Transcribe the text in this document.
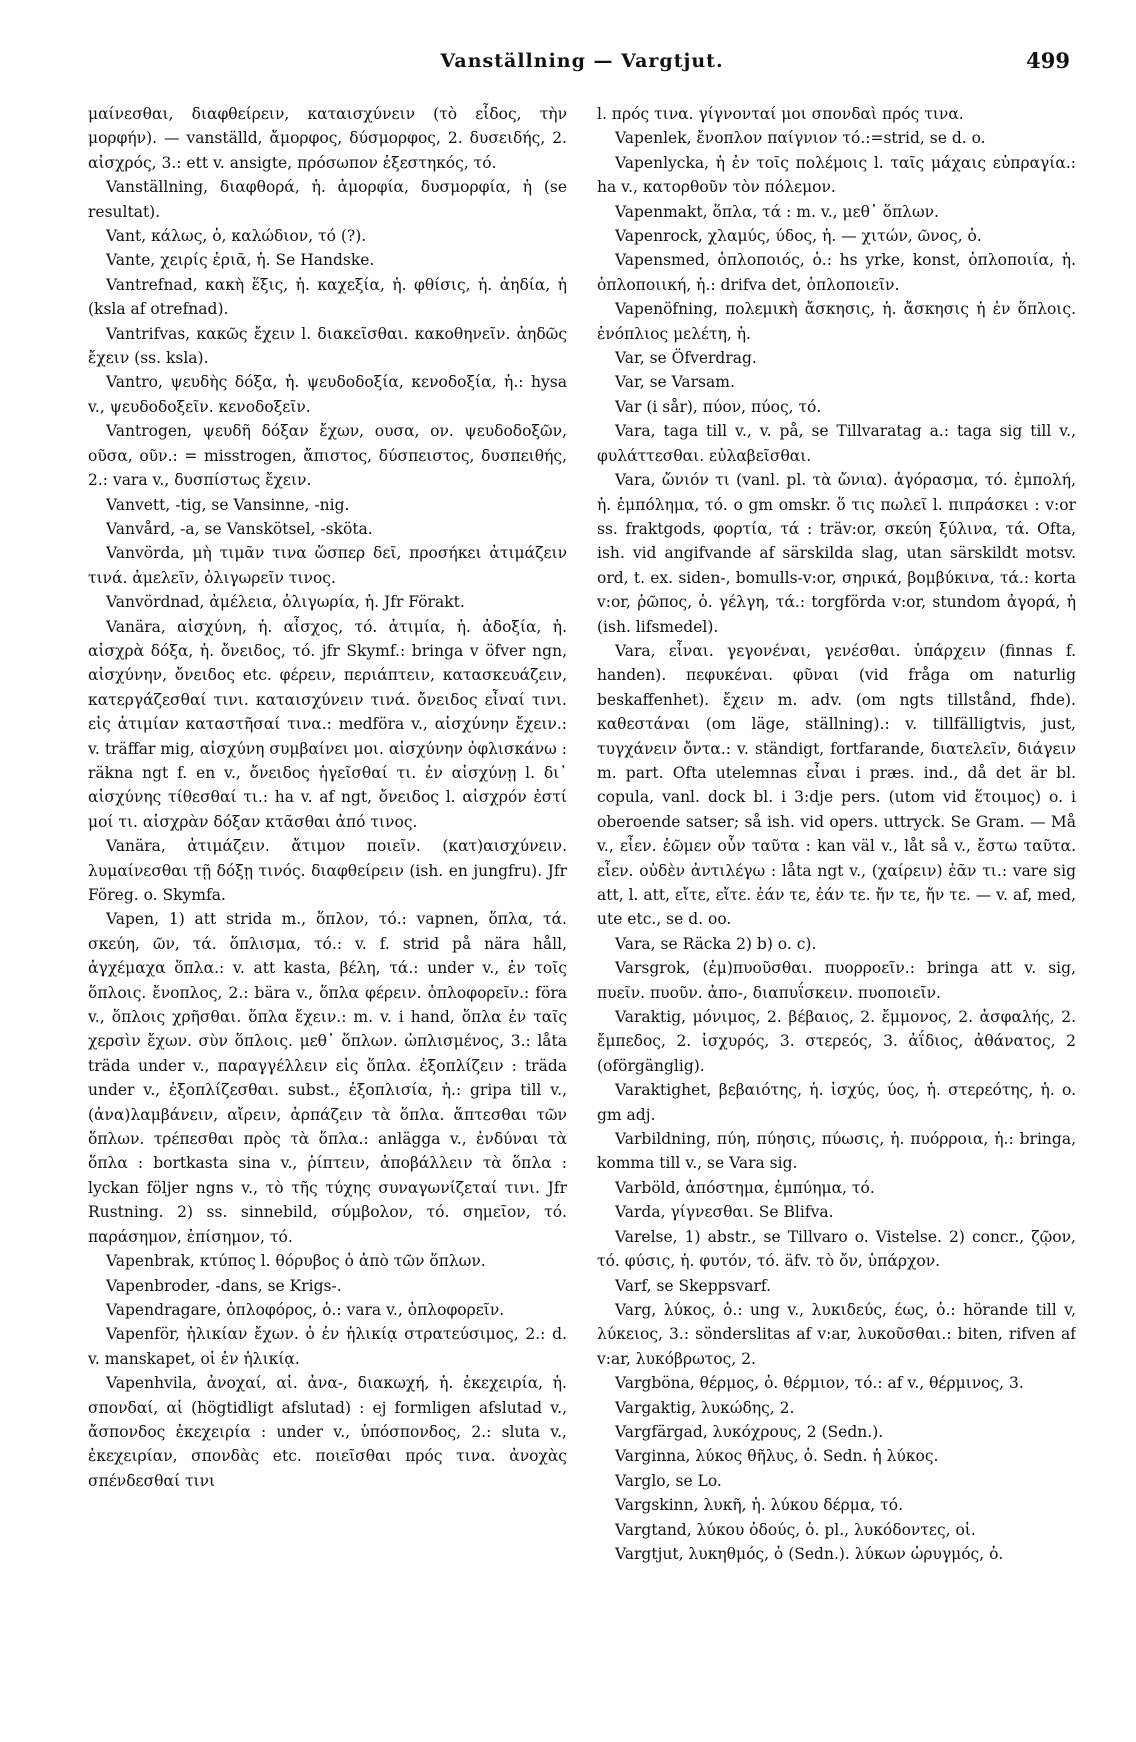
Vanställning — Vargtjut.	499

μαίνεσθαι, διαφθείρειν, καταισχύνειν (τὸ εἶδος, τὴν μορφήν). — vanställd, ἄμορφος, δύσμορφος, 2. δυσειδής, 2. αἰσχρός, 3.: ett v. ansigte, πρόσωπον ἐξεστηκός, τό.

Vanställning, διαφθορά, ἡ. ἀμορφία, δυσμορφία, ἡ (se resultat).

Vant, κάλως, ὁ, καλώδιον, τό (?).

Vante, χειρίς ἐριᾶ, ἡ. Se Handske.

Vantrefnad, κακὴ ἕξις, ἡ. καχεξία, ἡ. φθίσις, ἡ. ἀηδία, ἡ (ksla af otrefnad).

Vantrifvas, κακῶς ἔχειν l. διακεῖσθαι. κακοθηνεῖν. ἀηδῶς ἔχειν (ss. ksla).

Vantro, ψευδὴς δόξα, ἡ. ψευδοδοξία, κενοδοξία, ἡ.: hysa v., ψευδοδοξεῖν. κενοδοξεῖν.

Vantrogen, ψευδῆ δόξαν ἔχων, ουσα, ον. ψευδοδοξῶν, οῦσα, οῦν.: = misstrogen, ἄπιστος, δύσπειστος, δυσπειθής, 2.: vara v., δυσπίστως ἔχειν.

Vanvett, -tig, se Vansinne, -nig.

Vanvård, -a, se Vanskötsel, -sköta.

Vanvörda, μὴ τιμᾶν τινα ὥσπερ δεῖ, προσήκει ἀτιμάζειν τινά. ἀμελεῖν, ὀλιγωρεῖν τινος.

Vanvördnad, ἀμέλεια, ὀλιγωρία, ἡ. Jfr Förakt.

Vanära, αἰσχύνη, ἡ. αἶσχος, τό. ἀτιμία, ἡ. ἀδοξία, ἡ. αἰσχρὰ δόξα, ἡ. ὄνειδος, τό. jfr Skymf.: bringa v öfver ngn, αἰσχύνην, ὄνειδος etc. φέρειν, περιάπτειν, κατασκευάζειν, κατεργάζεσθαί τινι. καταισχύνειν τινά. ὄνειδος εἶναί τινι. εἰς ἀτιμίαν καταστῆσαί τινα.: medföra v., αἰσχύνην ἔχειν.: v. träffar mig, αἰσχύνη συμβαίνει μοι. αἰσχύνην ὀφλισκάνω : räkna ngt f. en v., ὄνειδος ἡγεῖσθαί τι. ἐν αἰσχύνῃ l. δι᾽ αἰσχύνης τίθεσθαί τι.: ha v. af ngt, ὄνειδος l. αἰσχρόν ἐστί μοί τι. αἰσχρὰν δόξαν κτᾶσθαι ἀπό τινος.

Vanära, ἀτιμάζειν. ἄτιμον ποιεῖν. (κατ)αισχύνειν. λυμαίνεσθαι τῇ δόξῃ τινός. διαφθείρειν (ish. en jungfru). Jfr Föreg. o. Skymfa.

Vapen, 1) att strida m., ὅπλον, τό.: vapnen, ὅπλα, τά. σκεύη, ῶν, τά. ὅπλισμα, τό.: v. f. strid på nära håll, ἀγχέμαχα ὅπλα.: v. att kasta, βέλη, τά.: under v., ἐν τοῖς ὅπλοις. ἔνοπλος, 2.: bära v., ὅπλα φέρειν. ὁπλοφορεῖν.: föra v., ὅπλοις χρῆσθαι. ὅπλα ἔχειν.: m. v. i hand, ὅπλα ἐν ταῖς χερσὶν ἔχων. σὺν ὅπλοις. μεθ᾽ ὅπλων. ὡπλισμένος, 3.: låta träda under v., παραγγέλλειν εἰς ὅπλα. ἐξοπλίζειν : träda under v., ἐξοπλίζεσθαι. subst., ἐξοπλισία, ἡ.: gripa till v., (ἀνα)λαμβάνειν, αἴρειν, ἁρπάζειν τὰ ὅπλα. ἅπτεσθαι τῶν ὅπλων. τρέπεσθαι πρὸς τὰ ὅπλα.: anlägga v., ἐνδύναι τὰ ὅπλα : bortkasta sina v., ῥίπτειν, ἀποβάλλειν τὰ ὅπλα : lyckan följer ngns v., τὸ τῆς τύχης συναγωνίζεταί τινι. Jfr Rustning. 2) ss. sinnebild, σύμβολον, τό. σημεῖον, τό. παράσημον, ἐπίσημον, τό.

Vapenbrak, κτύπος l. θόρυβος ὁ ἀπὸ τῶν ὅπλων.

Vapenbroder, -dans, se Krigs-.

Vapendragare, ὁπλοφόρος, ὁ.: vara v., ὁπλοφορεῖν.

Vapenför, ἡλικίαν ἔχων. ὁ ἐν ἡλικίᾳ στρατεύσιμος, 2.: d. v. manskapet, οἱ ἐν ἡλικίᾳ.

Vapenhvila, ἀνοχαί, αἱ. ἀνα-, διακωχή, ἡ. ἐκεχειρία, ἡ. σπονδαί, αἱ (högtidligt afslutad) : ej formligen afslutad v., ἄσπονδος ἐκεχειρία : under v., ὑπόσπονδος, 2.: sluta v., ἐκεχειρίαν, σπονδὰς etc. ποιεῖσθαι πρός τινα. ἀνοχὰς σπένδεσθαί τινι

l. πρός τινα. γίγνονταί μοι σπονδαὶ πρός τινα.

Vapenlek, ἔνοπλον παίγνιον τό.:=strid, se d. o.

Vapenlycka, ἡ ἐν τοῖς πολέμοις l. ταῖς μάχαις εὐπραγία.: ha v., κατορθοῦν τὸν πόλεμον.

Vapenmakt, ὅπλα, τά : m. v., μεθ᾽ ὅπλων.

Vapenrock, χλαμύς, ύδος, ἡ. — χιτών, ῶνος, ὁ.

Vapensmed, ὁπλοποιός, ὁ.: hs yrke, konst, ὁπλοποιία, ἡ. ὁπλοποιική, ἡ.: drifva det, ὁπλοποιεῖν.

Vapenöfning, πολεμικὴ ἄσκησις, ἡ. ἄσκησις ἡ ἐν ὅπλοις. ἐνόπλιος μελέτη, ἡ.

Var, se Öfverdrag.

Var, se Varsam.

Var (i sår), πύον, πύος, τό.

Vara, taga till v., v. på, se Tillvaratag a.: taga sig till v., φυλάττεσθαι. εὐλαβεῖσθαι.

Vara, ὤνιόν τι (vanl. pl. τὰ ὤνια). ἀγόρασμα, τό. ἐμπολή, ἡ. ἐμπόλημα, τό. o gm omskr. ὅ τις πωλεῖ l. πιπράσκει : v:or ss. fraktgods, φορτία, τά : träv:or, σκεύη ξύλινα, τά. Ofta, ish. vid angifvande af särskilda slag, utan särskildt motsv. ord, t. ex. siden-, bomulls-v:or, σηρικά, βομβύκινα, τά.: korta v:or, ῥῶπος, ὁ. γέλγη, τά.: torgförda v:or, stundom ἀγορά, ἡ (ish. lifsmedel).

Vara, εἶναι. γεγονέναι, γενέσθαι. ὑπάρχειν (finnas f. handen). πεφυκέναι. φῦναι (vid fråga om naturlig beskaffenhet). ἔχειν m. adv. (om ngts tillstånd, fhde). καθεστάναι (om läge, ställning).: v. tillfälligtvis, just, τυγχάνειν ὄντα.: v. ständigt, fortfarande, διατελεῖν, διάγειν m. part. Ofta utelemnas εἶναι i præs. ind., då det är bl. copula, vanl. dock bl. i 3:dje pers. (utom vid ἕτοιμος) o. i oberoende satser; så ish. vid opers. uttryck. Se Gram. — Må v., εἶεν. ἐῶμεν οὖν ταῦτα : kan väl v., låt så v., ἔστω ταῦτα. εἶεν. οὐδὲν ἀντιλέγω : låta ngt v., (χαίρειν) ἐᾶν τι.: vare sig att, l. att, εἴτε, εἴτε. ἐάν τε, ἐάν τε. ἤν τε, ἤν τε. — v. af, med, ute etc., se d. oo.

Vara, se Räcka 2) b) o. c).

Varsgrok, (ἐμ)πυοῦσθαι. πυορροεῖν.: bringa att v. sig, πυεῖν. πυοῦν. ἀπο-, διαπυΐσκειν. πυοποιεῖν.

Varaktig, μόνιμος, 2. βέβαιος, 2. ἔμμονος, 2. ἀσφαλής, 2. ἔμπεδος, 2. ἰσχυρός, 3. στερεός, 3. ἀΐδιος, ἀθάνατος, 2 (oförgänglig).

Varaktighet, βεβαιότης, ἡ. ἰσχύς, ύος, ἡ. στερεότης, ἡ. o. gm adj.

Varbildning, πύη, πύησις, πύωσις, ἡ. πυόρροια, ἡ.: bringa, komma till v., se Vara sig.

Varböld, ἀπόστημα, ἐμπύημα, τό.

Varda, γίγνεσθαι. Se Blifva.

Varelse, 1) abstr., se Tillvaro o. Vistelse. 2) concr., ζῷον, τό. φύσις, ἡ. φυτόν, τό. äfv. τὸ ὄν, ὑπάρχον.

Varf, se Skeppsvarf.

Varg, λύκος, ὁ.: ung v., λυκιδεύς, έως, ὁ.: hörande till v, λύκειος, 3.: sönderslitas af v:ar, λυκοῦσθαι.: biten, rifven af v:ar, λυκόβρωτος, 2.

Vargböna, θέρμος, ὁ. θέρμιον, τό.: af v., θέρμινος, 3.

Vargaktig, λυκώδης, 2.

Vargfärgad, λυκόχρους, 2 (Sedn.).

Varginna, λύκος θῆλυς, ὁ. Sedn. ἡ λύκος.

Varglo, se Lo.

Vargskinn, λυκῆ, ἡ. λύκου δέρμα, τό.

Vargtand, λύκου ὀδούς, ὁ. pl., λυκόδοντες, οἱ.

Vargtjut, λυκηθμός, ὁ (Sedn.). λύκων ὠρυγμός, ὁ.
